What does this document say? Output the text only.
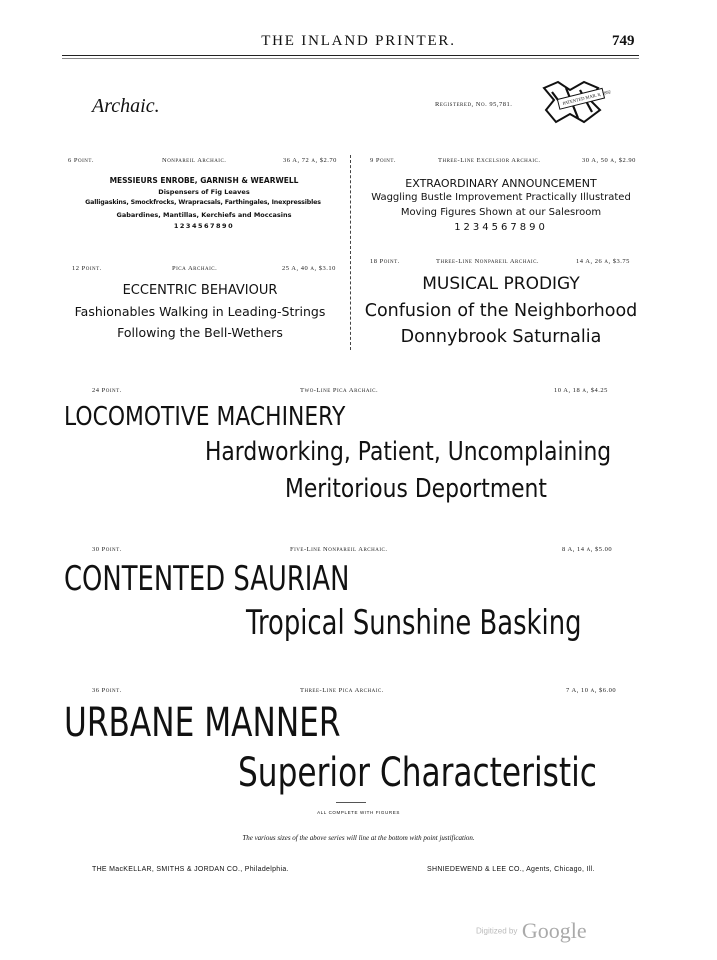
THE INLAND PRINTER.	749
Archaic.	Registered, No. 95,781.	PATENTED MAR. 8, 1892
6 Point.	Nonpareil Archaic.	36 A, 72 a, $2.70
MESSIEURS ENROBE, GARNISH & WEARWELL
Dispensers of Fig Leaves
Galligaskins, Smockfrocks, Wrapracsals, Farthingales, Inexpressibles
Gabardines, Mantillas, Kerchiefs and Moccasins
1234567890
9 Point.	Three-Line Excelsior Archaic.	30 A, 50 a, $2.90
EXTRAORDINARY ANNOUNCEMENT
Waggling Bustle Improvement Practically Illustrated
Moving Figures Shown at our Salesroom
1234567890
12 Point.	Pica Archaic.	25 A, 40 a, $3.10
ECCENTRIC BEHAVIOUR
Fashionables Walking in Leading-Strings
Following the Bell-Wethers
18 Point.	Three-Line Nonpareil Archaic.	14 A, 26 a, $3.75
MUSICAL PRODIGY
Confusion of the Neighborhood
Donnybrook Saturnalia
24 Point.	Two-Line Pica Archaic.	10 A, 18 a, $4.25
LOCOMOTIVE MACHINERY
Hardworking, Patient, Uncomplaining
Meritorious Deportment
30 Point.	Five-Line Nonpareil Archaic.	8 A, 14 a, $5.00
CONTENTED SAURIAN
Tropical Sunshine Basking
36 Point.	Three-Line Pica Archaic.	7 A, 10 a, $6.00
URBANE MANNER
Superior Characteristic
ALL COMPLETE WITH FIGURES
The various sizes of the above series will line at the bottom with point justification.
THE MacKELLAR, SMITHS & JORDAN CO., Philadelphia.	SHNIEDEWEND & LEE CO., Agents, Chicago, Ill.
Digitized by Google
